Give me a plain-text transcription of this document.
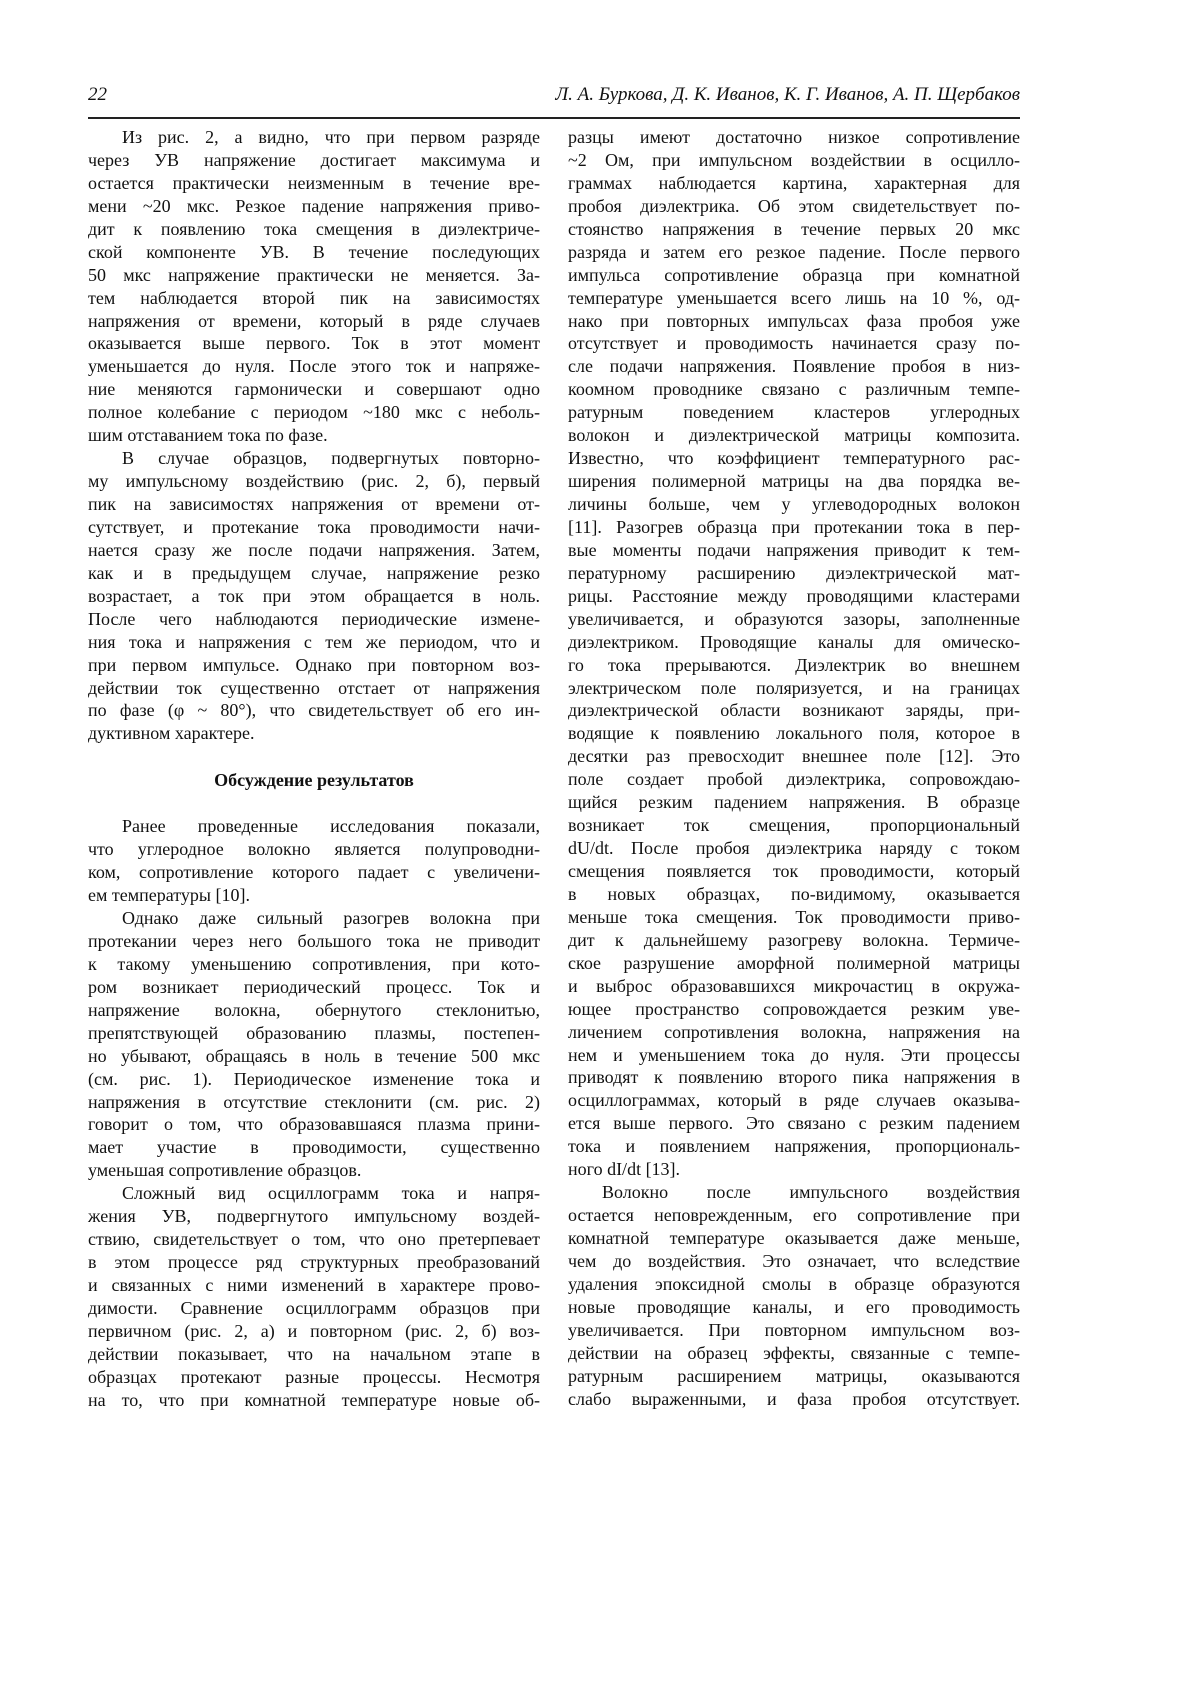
22	Л. А. Буркова, Д. К. Иванов, К. Г. Иванов, А. П. Щербаков
Из рис. 2, а видно, что при первом разряде
через УВ напряжение достигает максимума и
остается практически неизменным в течение вре-
мени ~20 мкс. Резкое падение напряжения приво-
дит к появлению тока смещения в диэлектриче-
ской компоненте УВ. В течение последующих
50 мкс напряжение практически не меняется. За-
тем наблюдается второй пик на зависимостях
напряжения от времени, который в ряде случаев
оказывается выше первого. Ток в этот момент
уменьшается до нуля. После этого ток и напряже-
ние меняются гармонически и совершают одно
полное колебание с периодом ~180 мкс с неболь-
шим отставанием тока по фазе.
В случае образцов, подвергнутых повторно-
му импульсному воздействию (рис. 2, б), первый
пик на зависимостях напряжения от времени от-
сутствует, и протекание тока проводимости начи-
нается сразу же после подачи напряжения. Затем,
как и в предыдущем случае, напряжение резко
возрастает, а ток при этом обращается в ноль.
После чего наблюдаются периодические измене-
ния тока и напряжения с тем же периодом, что и
при первом импульсе. Однако при повторном воз-
действии ток существенно отстает от напряжения
по фазе (φ ~ 80°), что свидетельствует об его ин-
дуктивном характере.
Обсуждение результатов
Ранее проведенные исследования показали,
что углеродное волокно является полупроводни-
ком, сопротивление которого падает с увеличени-
ем температуры [10].
Однако даже сильный разогрев волокна при
протекании через него большого тока не приводит
к такому уменьшению сопротивления, при кото-
ром возникает периодический процесс. Ток и
напряжение волокна, обернутого стеклонитью,
препятствующей образованию плазмы, постепен-
но убывают, обращаясь в ноль в течение 500 мкс
(см. рис. 1). Периодическое изменение тока и
напряжения в отсутствие стеклонити (см. рис. 2)
говорит о том, что образовавшаяся плазма прини-
мает участие в проводимости, существенно
уменьшая сопротивление образцов.
Сложный вид осциллограмм тока и напря-
жения УВ, подвергнутого импульсному воздей-
ствию, свидетельствует о том, что оно претерпевает
в этом процессе ряд структурных преобразований
и связанных с ними изменений в характере прово-
димости. Сравнение осциллограмм образцов при
первичном (рис. 2, а) и повторном (рис. 2, б) воз-
действии показывает, что на начальном этапе в
образцах протекают разные процессы. Несмотря
на то, что при комнатной температуре новые об-
разцы имеют достаточно низкое сопротивление
~2 Ом, при импульсном воздействии в осцилло-
граммах наблюдается картина, характерная для
пробоя диэлектрика. Об этом свидетельствует по-
стоянство напряжения в течение первых 20 мкс
разряда и затем его резкое падение. После первого
импульса сопротивление образца при комнатной
температуре уменьшается всего лишь на 10 %, од-
нако при повторных импульсах фаза пробоя уже
отсутствует и проводимость начинается сразу по-
сле подачи напряжения. Появление пробоя в низ-
коомном проводнике связано с различным темпе-
ратурным поведением кластеров углеродных
волокон и диэлектрической матрицы композита.
Известно, что коэффициент температурного рас-
ширения полимерной матрицы на два порядка ве-
личины больше, чем у углеводородных волокон
[11]. Разогрев образца при протекании тока в пер-
вые моменты подачи напряжения приводит к тем-
пературному расширению диэлектрической мат-
рицы. Расстояние между проводящими кластерами
увеличивается, и образуются зазоры, заполненные
диэлектриком. Проводящие каналы для омическо-
го тока прерываются. Диэлектрик во внешнем
электрическом поле поляризуется, и на границах
диэлектрической области возникают заряды, при-
водящие к появлению локального поля, которое в
десятки раз превосходит внешнее поле [12]. Это
поле создает пробой диэлектрика, сопровождаю-
щийся резким падением напряжения. В образце
возникает ток смещения, пропорциональный
dU/dt. После пробоя диэлектрика наряду с током
смещения появляется ток проводимости, который
в новых образцах, по-видимому, оказывается
меньше тока смещения. Ток проводимости приво-
дит к дальнейшему разогреву волокна. Термиче-
ское разрушение аморфной полимерной матрицы
и выброс образовавшихся микрочастиц в окружа-
ющее пространство сопровождается резким уве-
личением сопротивления волокна, напряжения на
нем и уменьшением тока до нуля. Эти процессы
приводят к появлению второго пика напряжения в
осциллограммах, который в ряде случаев оказыва-
ется выше первого. Это связано с резким падением
тока и появлением напряжения, пропорциональ-
ного dI/dt [13].
Волокно после импульсного воздействия
остается неповрежденным, его сопротивление при
комнатной температуре оказывается даже меньше,
чем до воздействия. Это означает, что вследствие
удаления эпоксидной смолы в образце образуются
новые проводящие каналы, и его проводимость
увеличивается. При повторном импульсном воз-
действии на образец эффекты, связанные с темпе-
ратурным расширением матрицы, оказываются
слабо выраженными, и фаза пробоя отсутствует.
